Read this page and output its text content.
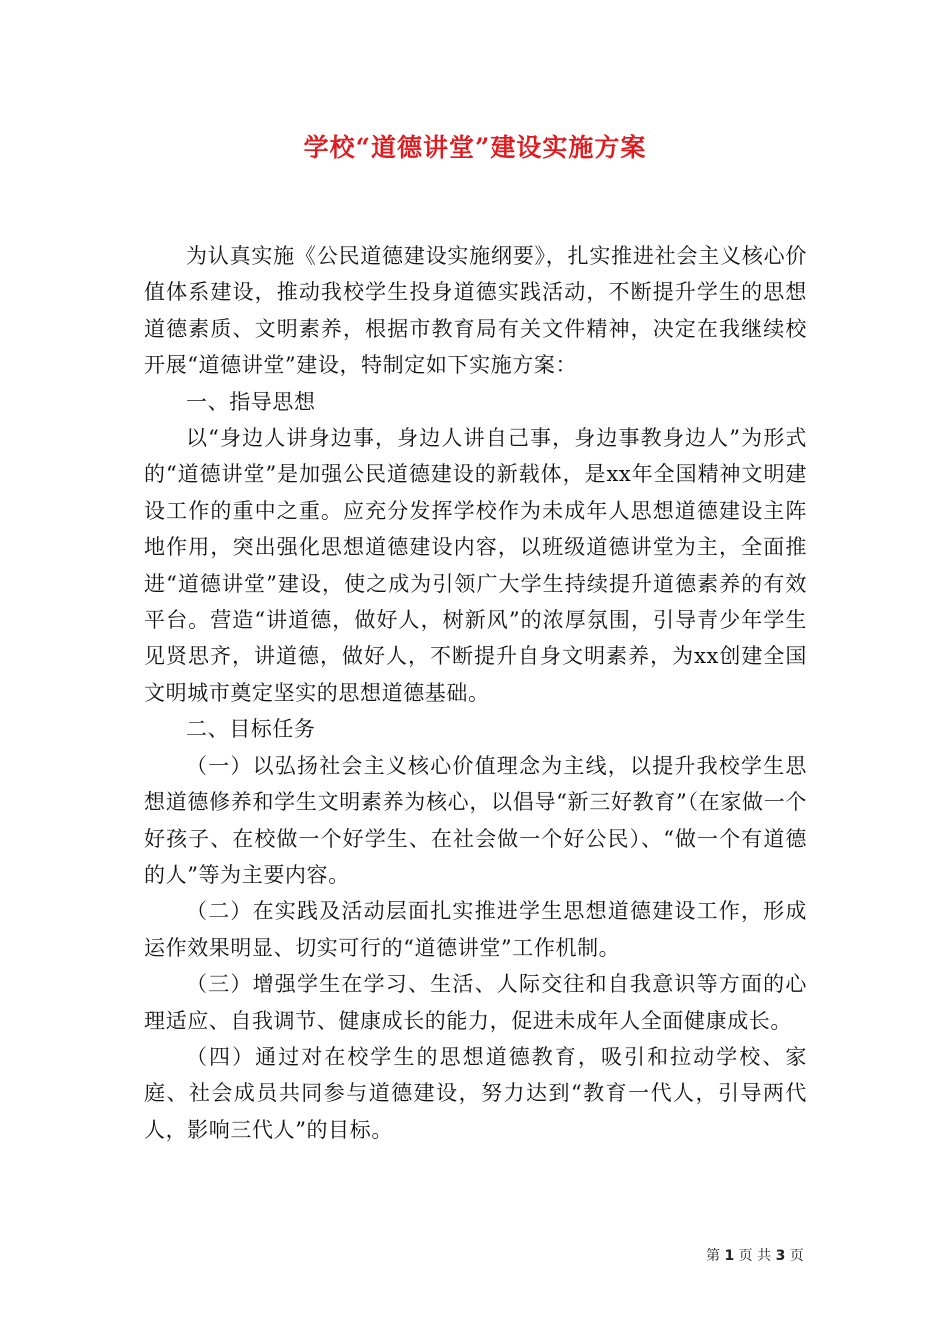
学校“道德讲堂”建设实施方案

为认真实施《公民道德建设实施纲要》，扎实推进社会主义核心价值体系建设，推动我校学生投身道德实践活动，不断提升学生的思想道德素质、文明素养，根据市教育局有关文件精神，决定在我继续校开展“道德讲堂”建设，特制定如下实施方案：

一、指导思想

以“身边人讲身边事，身边人讲自己事，身边事教身边人”为形式的“道德讲堂”是加强公民道德建设的新载体，是xx年全国精神文明建设工作的重中之重。应充分发挥学校作为未成年人思想道德建设主阵地作用，突出强化思想道德建设内容，以班级道德讲堂为主，全面推进“道德讲堂”建设，使之成为引领广大学生持续提升道德素养的有效平台。营造“讲道德，做好人，树新风”的浓厚氛围，引导青少年学生见贤思齐，讲道德，做好人，不断提升自身文明素养，为xx创建全国文明城市奠定坚实的思想道德基础。

二、目标任务

（一）以弘扬社会主义核心价值理念为主线，以提升我校学生思想道德修养和学生文明素养为核心，以倡导“新三好教育”（在家做一个好孩子、在校做一个好学生、在社会做一个好公民）、“做一个有道德的人”等为主要内容。

（二）在实践及活动层面扎实推进学生思想道德建设工作，形成运作效果明显、切实可行的“道德讲堂”工作机制。

（三）增强学生在学习、生活、人际交往和自我意识等方面的心理适应、自我调节、健康成长的能力，促进未成年人全面健康成长。

（四）通过对在校学生的思想道德教育，吸引和拉动学校、家庭、社会成员共同参与道德建设，努力达到“教育一代人，引导两代人，影响三代人”的目标。

第 1 页 共 3 页
